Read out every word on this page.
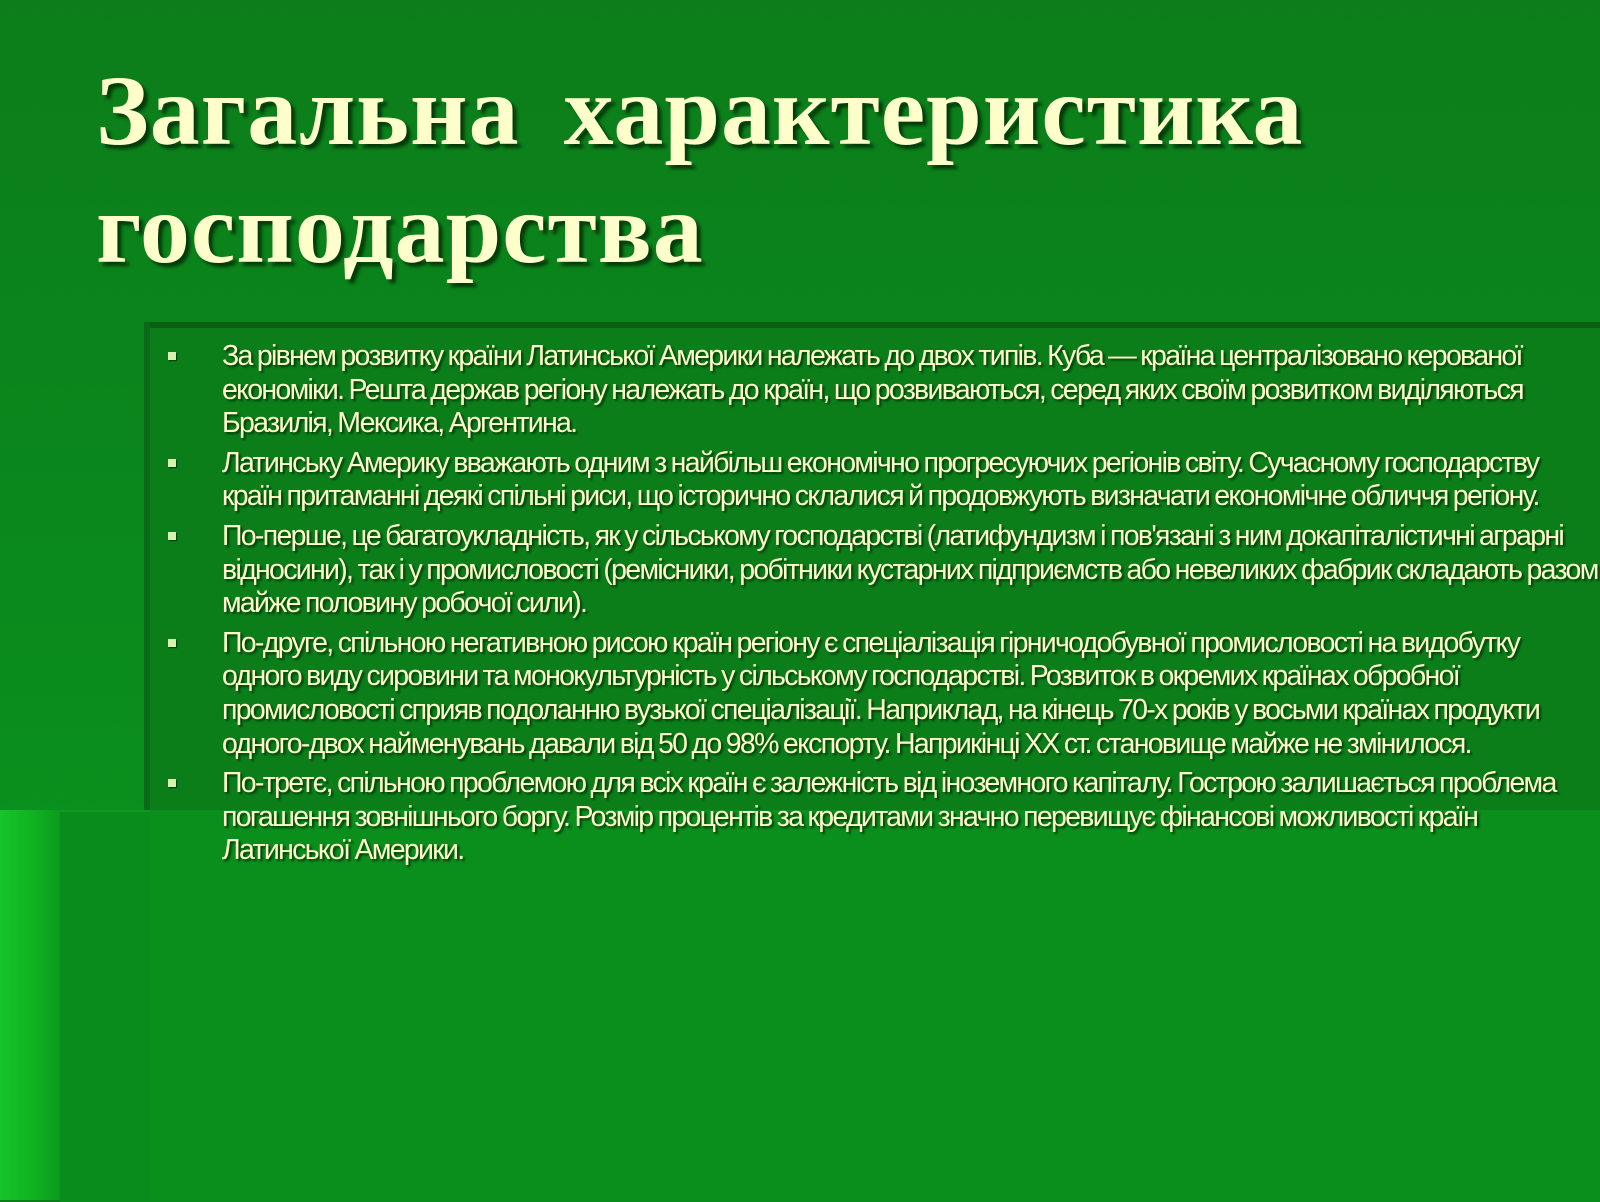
Загальна характеристика господарства
За рівнем розвитку країни Латинської Америки належать до двох типів. Куба — країна централізовано керованої економіки. Решта держав регіону належать до країн, що розвиваються, серед яких своїм розвитком виділяються Бразилія, Мексика, Аргентина.
Латинську Америку вважають одним з найбільш економічно прогресуючих регіонів світу. Сучасному господарству країн притаманні деякі спільні риси, що історично склалися й продовжують визначати економічне обличчя регіону.
По-перше, це багатоукладність, як у сільському господарстві (латифундизм і пов'язані з ним докапіталістичні аграрні відносини), так і у промисловості (ремісники, робітники кустарних підприємств або невеликих фабрик складають разом майже половину робочої сили).
По-друге, спільною негативною рисою країн регіону є спеціалізація гірничодобувної промисловості на видобутку одного виду сировини та монокультурність у сільському господарстві. Розвиток в окремих країнах обробної промисловості сприяв подоланню вузької спеціалізації. Наприклад, на кінець 70-х років у восьми країнах продукти одного-двох найменувань давали від 50 до 98% експорту. Наприкінці XX ст. становище майже не змінилося.
По-третє, спільною проблемою для всіх країн є залежність від іноземного капіталу. Гострою залишається проблема погашення зовнішнього боргу. Розмір процентів за кредитами значно перевищує фінансові можливості країн Латинської Америки.
